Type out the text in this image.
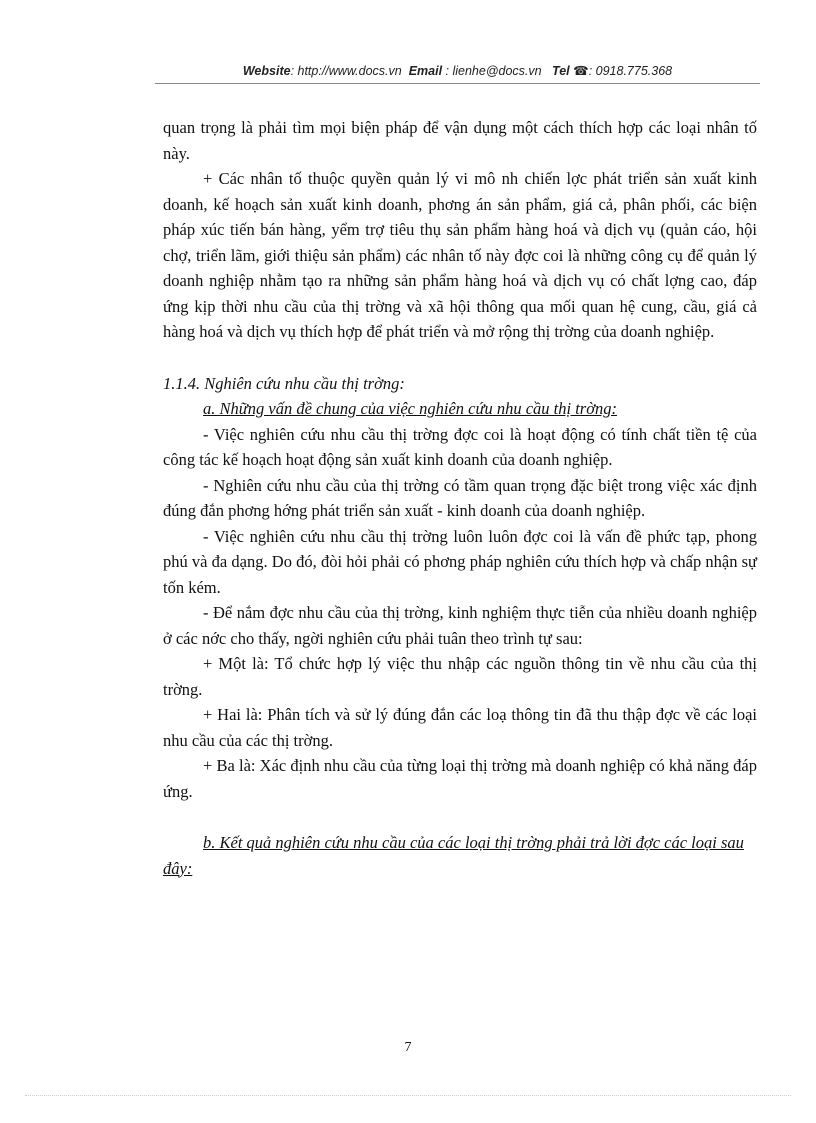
Website: http://www.docs.vn Email : lienhe@docs.vn Tel ☎: 0918.775.368

quan trọng là phải tìm mọi biện pháp để vận dụng một cách thích hợp các loại nhân tố này.

+ Các nhân tố thuộc quyền quản lý vi mô nh chiến lợc phát triển sản xuất kinh doanh, kế hoạch sản xuất kinh doanh, phơng án sản phẩm, giá cả, phân phối, các biện pháp xúc tiến bán hàng, yểm trợ tiêu thụ sản phẩm hàng hoá và dịch vụ (quản cáo, hội chợ, triển lãm, giới thiệu sản phẩm) các nhân tố này đợc coi là những công cụ để quản lý doanh nghiệp nhằm tạo ra những sản phẩm hàng hoá và dịch vụ có chất lợng cao, đáp ứng kịp thời nhu cầu của thị trờng và xã hội thông qua mối quan hệ cung, cầu, giá cả hàng hoá và dịch vụ thích hợp để phát triển và mở rộng thị trờng của doanh nghiệp.

1.1.4. Nghiên cứu nhu cầu thị trờng:

a. Những vấn đề chung của việc nghiên cứu nhu cầu thị trờng:

- Việc nghiên cứu nhu cầu thị trờng đợc coi là hoạt động có tính chất tiền tệ của công tác kế hoạch hoạt động sản xuất kinh doanh của doanh nghiệp.

- Nghiên cứu nhu cầu của thị trờng có tầm quan trọng đặc biệt trong việc xác định đúng đắn phơng hớng phát triển sản xuất - kinh doanh của doanh nghiệp.

- Việc nghiên cứu nhu cầu thị trờng luôn luôn đợc coi là vấn đề phức tạp, phong phú và đa dạng. Do đó, đòi hỏi phải có phơng pháp nghiên cứu thích hợp và chấp nhận sự tốn kém.

- Để nắm đợc nhu cầu của thị trờng, kinh nghiệm thực tiễn của nhiều doanh nghiệp ở các nớc cho thấy, ngời nghiên cứu phải tuân theo trình tự sau:

+ Một là: Tổ chức hợp lý việc thu nhập các nguồn thông tin về nhu cầu của thị trờng.

+ Hai là: Phân tích và sử lý đúng đắn các loạ thông tin đã thu thập đợc về các loại nhu cầu của các thị trờng.

+ Ba là: Xác định nhu cầu của từng loại thị trờng mà doanh nghiệp có khả năng đáp ứng.

b. Kết quả nghiên cứu nhu cầu của các loại thị trờng phải trả lời đợc các loại sau đây:

7
